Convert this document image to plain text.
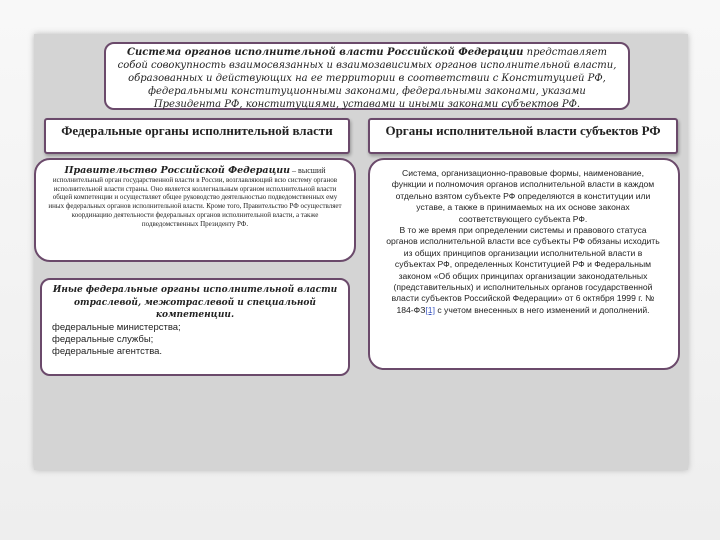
Система органов исполнительной власти Российской Федерации представляет собой совокупность взаимосвязанных и взаимозависимых органов исполнительной власти, образованных и действующих на ее территории в соответствии с Конституцией РФ, федеральными конституционными законами, федеральными законами, указами Президента РФ, конституциями, уставами и иными законами субъектов РФ.
Федеральные органы исполнительной власти	Органы исполнительной власти субъектов РФ
Правительство Российской Федерации – высший исполнительный орган государственной власти в России, возглавляющий всю систему органов исполнительной власти страны. Оно является коллегиальным органом исполнительной власти общей компетенции и осуществляет общее руководство деятельностью подведомственных ему иных федеральных органов исполнительной власти. Кроме того, Правительство РФ осуществляет координацию деятельности федеральных органов исполнительной власти, а также подведомственных Президенту РФ.
Иные федеральные органы исполнительной власти отраслевой, межотраслевой и специальной компетенции.
федеральные министерства;
федеральные службы;
федеральные агентства.

Система, организационно-правовые формы, наименование, функции и полномочия органов исполнительной власти в каждом отдельно взятом субъекте РФ определяются в конституции или уставе, а также в принимаемых на их основе законах соответствующего субъекта РФ.

В то же время при определении системы и правового статуса органов исполнительной власти все субъекты РФ обязаны исходить из общих принципов организации исполнительной власти в субъектах РФ, определенных Конституцией РФ и Федеральным законом «Об общих принципах организации законодательных (представительных) и исполнительных органов государственной власти субъектов Российской Федерации» от 6 октября 1999 г. № 184-ФЗ[1] с учетом внесенных в него изменений и дополнений.
